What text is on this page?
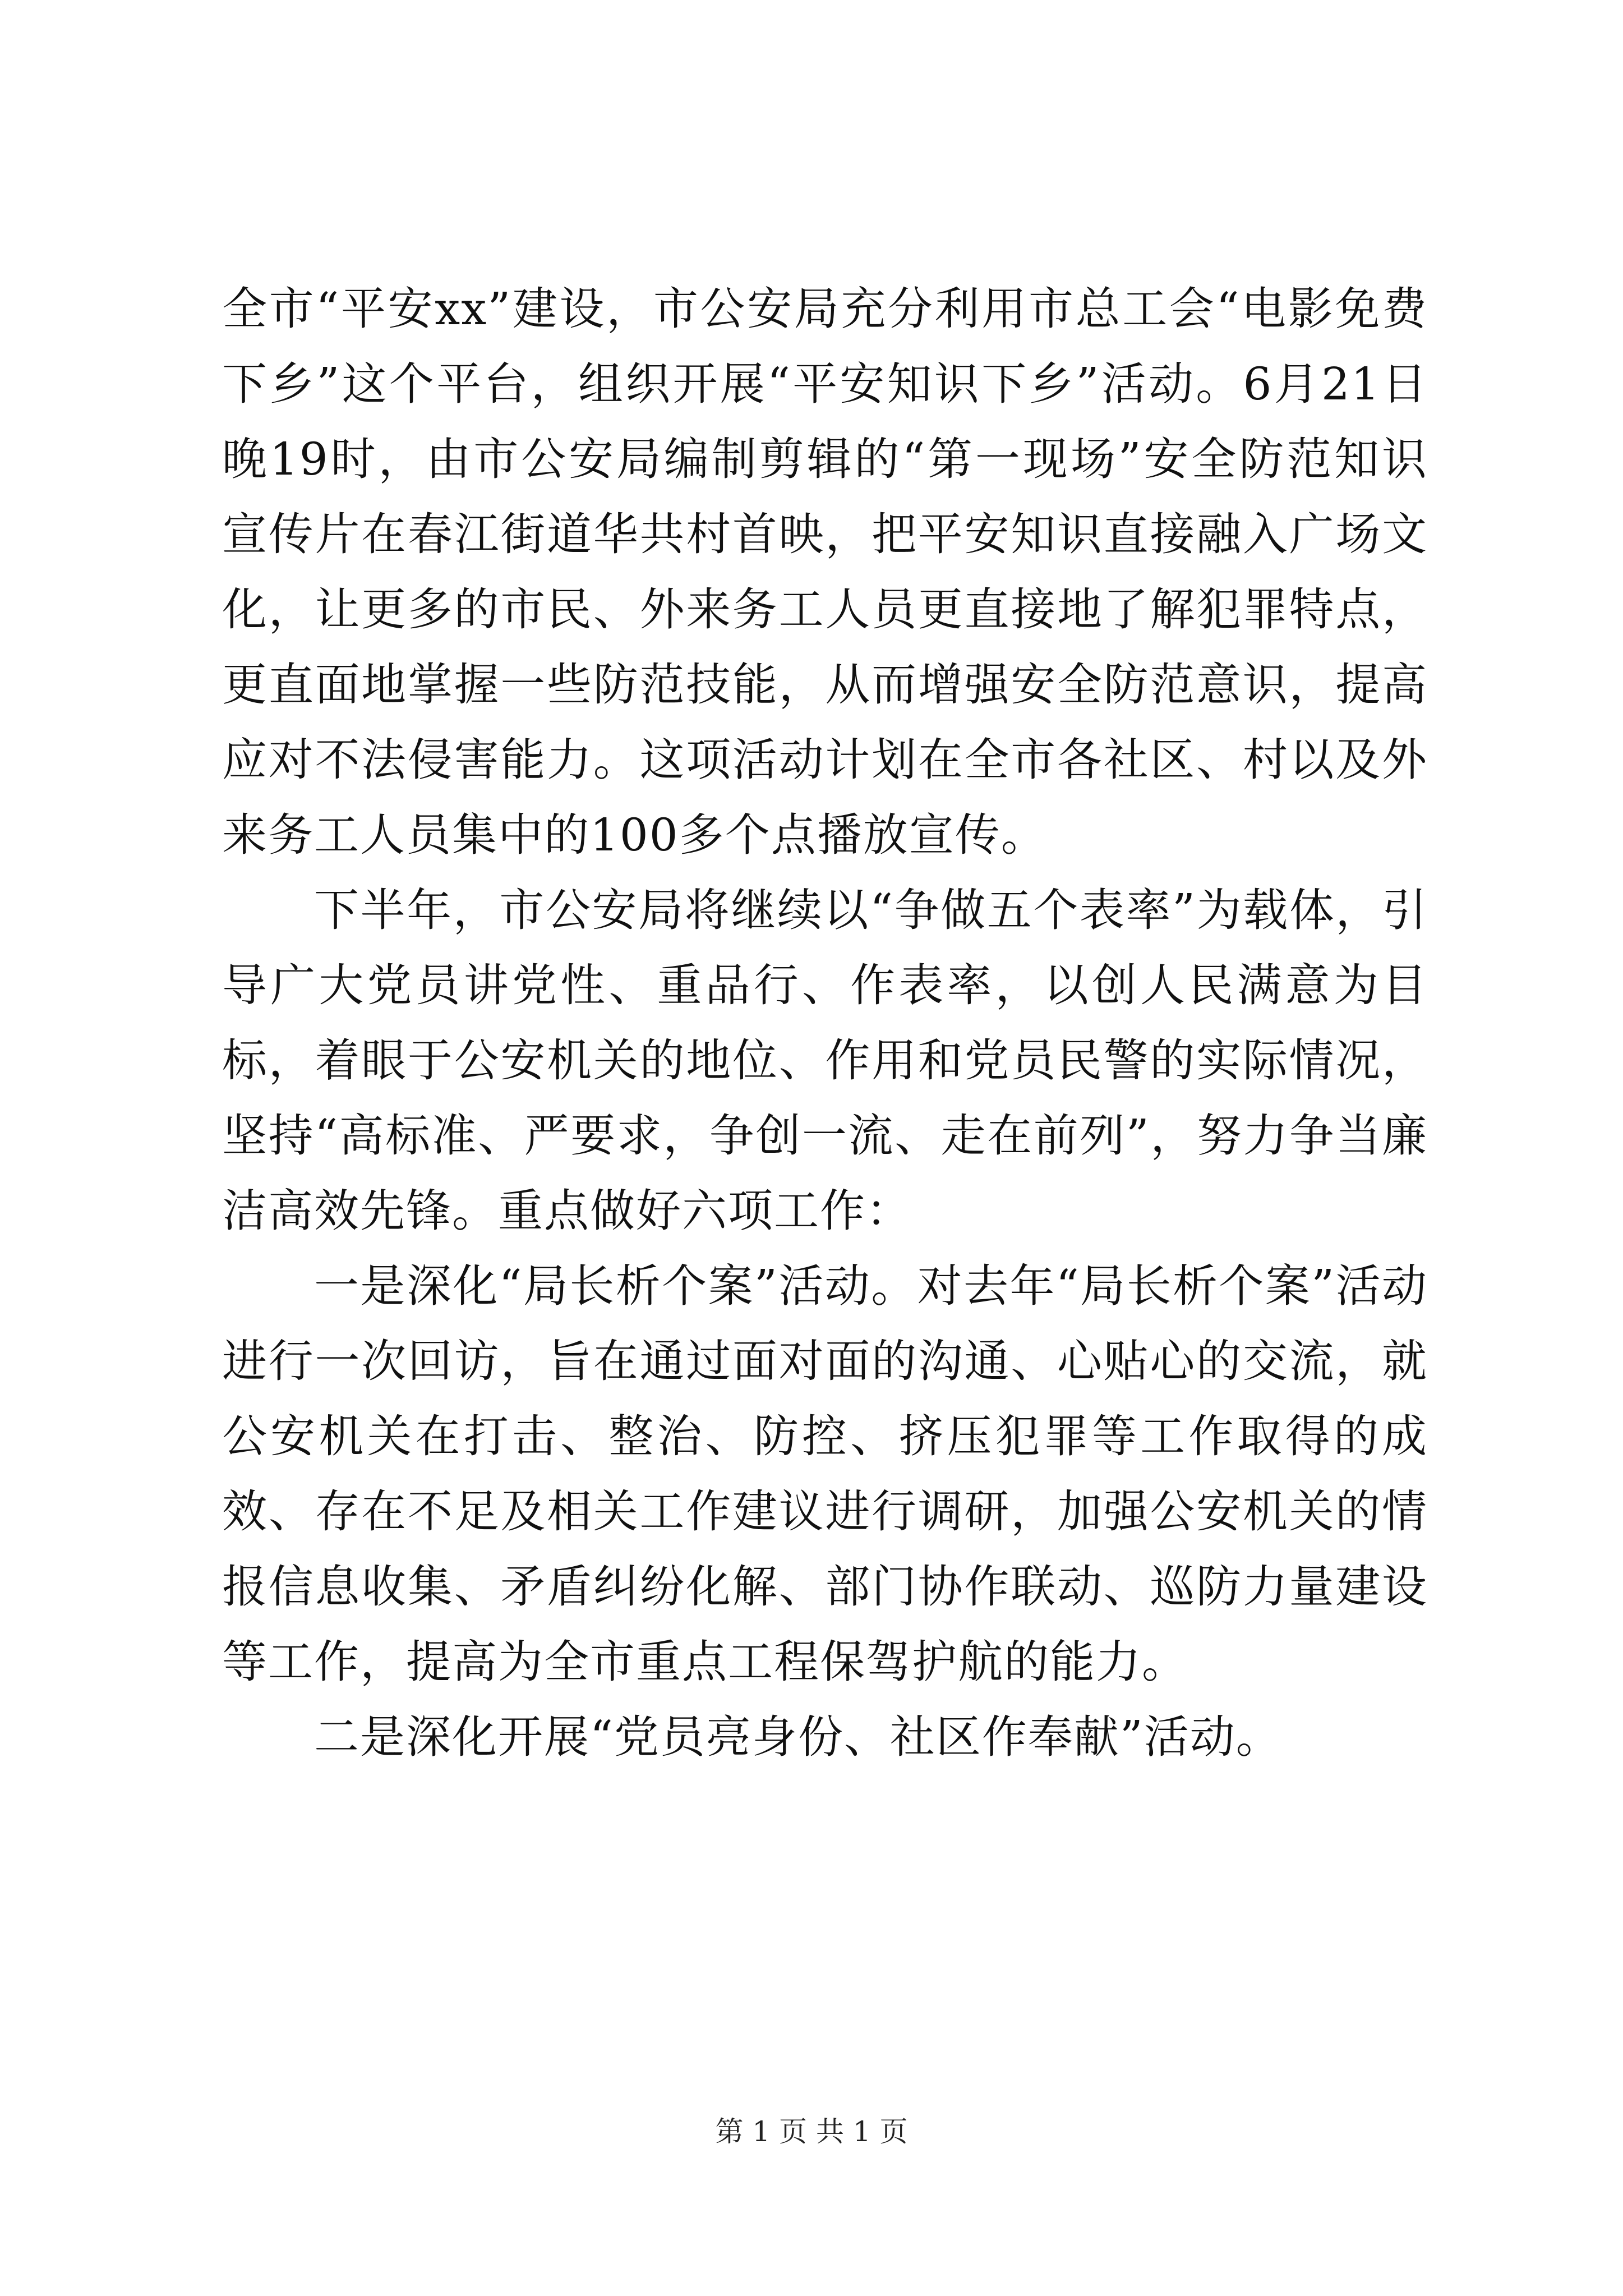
全市“平安xx”建设，市公安局充分利用市总工会“电影免费下乡”这个平台，组织开展“平安知识下乡”活动。6月21日晚19时，由市公安局编制剪辑的“第一现场”安全防范知识宣传片在春江街道华共村首映，把平安知识直接融入广场文化，让更多的市民、外来务工人员更直接地了解犯罪特点，更直面地掌握一些防范技能，从而增强安全防范意识，提高应对不法侵害能力。这项活动计划在全市各社区、村以及外来务工人员集中的100多个点播放宣传。

下半年，市公安局将继续以“争做五个表率”为载体，引导广大党员讲党性、重品行、作表率，以创人民满意为目标，着眼于公安机关的地位、作用和党员民警的实际情况，坚持“高标准、严要求，争创一流、走在前列”，努力争当廉洁高效先锋。重点做好六项工作：

一是深化“局长析个案”活动。对去年“局长析个案”活动进行一次回访，旨在通过面对面的沟通、心贴心的交流，就公安机关在打击、整治、防控、挤压犯罪等工作取得的成效、存在不足及相关工作建议进行调研，加强公安机关的情报信息收集、矛盾纠纷化解、部门协作联动、巡防力量建设等工作，提高为全市重点工程保驾护航的能力。

二是深化开展“党员亮身份、社区作奉献”活动。

第 1 页 共 1 页
